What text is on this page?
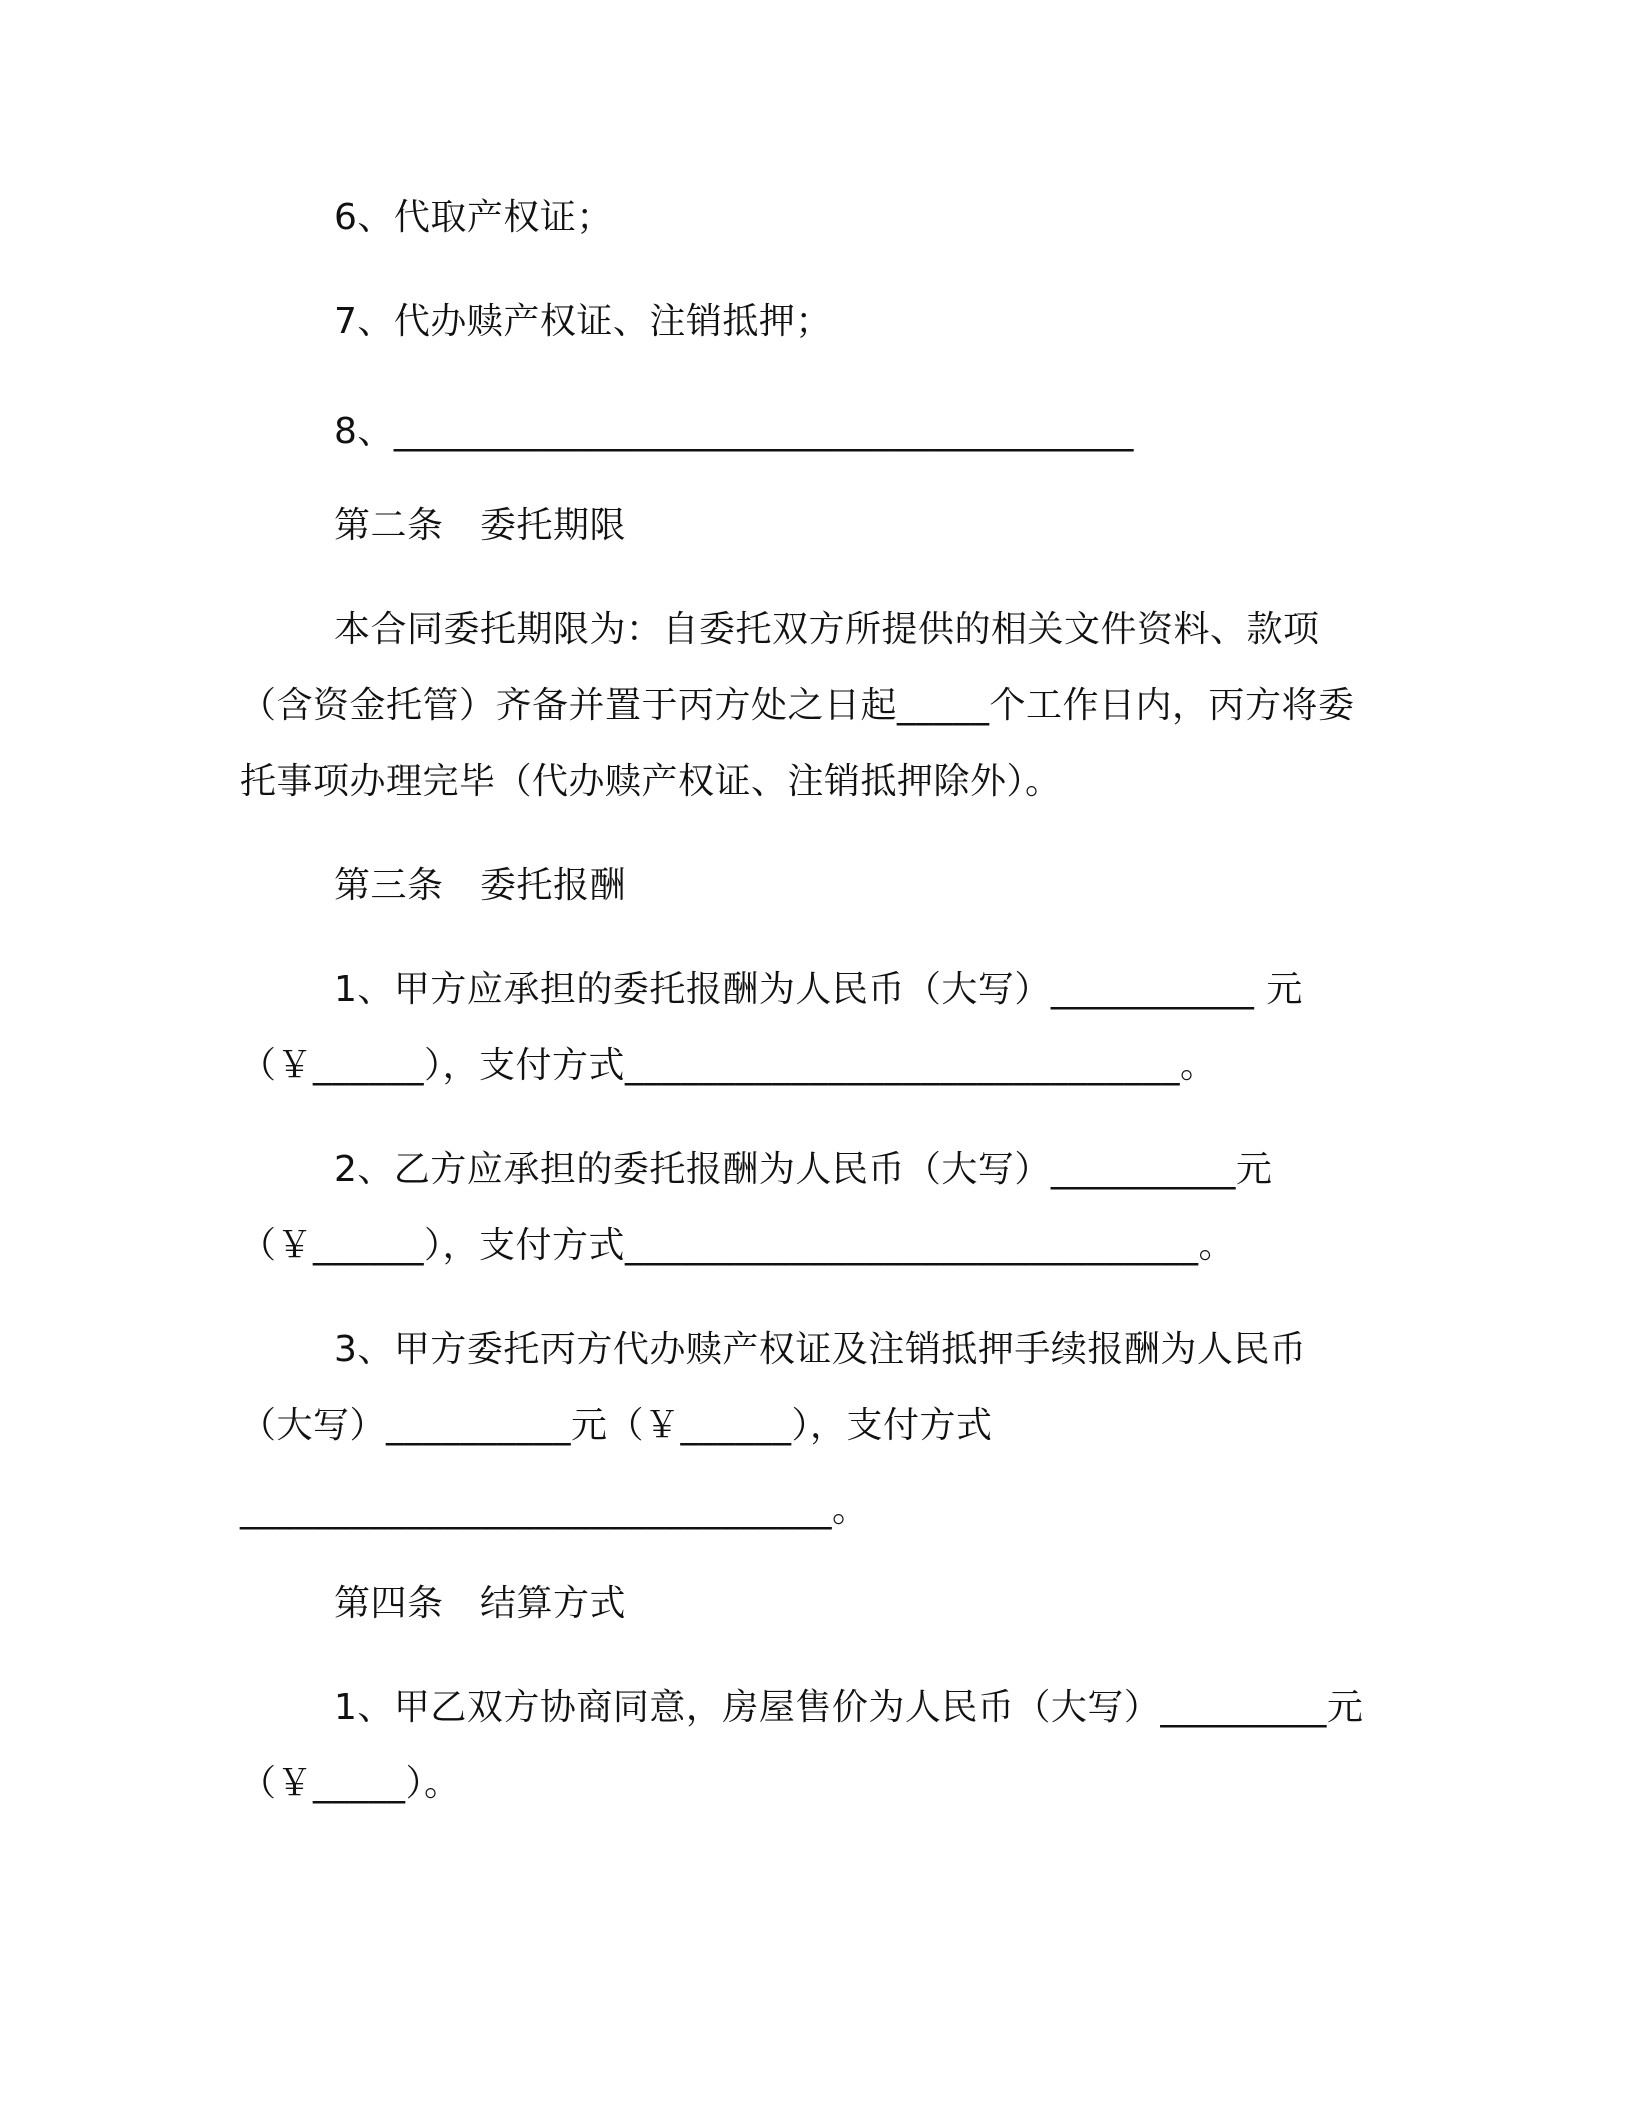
6、代取产权证；
7、代办赎产权证、注销抵押；
8、________________________________________
第二条　委托期限
本合同委托期限为：自委托双方所提供的相关文件资料、款项
（含资金托管）齐备并置于丙方处之日起_____个工作日内，丙方将委
托事项办理完毕（代办赎产权证、注销抵押除外）。
第三条　委托报酬
1、甲方应承担的委托报酬为人民币（大写）___________ 元
（￥______），支付方式______________________________。
2、乙方应承担的委托报酬为人民币（大写）__________元
（￥______），支付方式_______________________________。
3、甲方委托丙方代办赎产权证及注销抵押手续报酬为人民币
（大写）__________元（￥______），支付方式
________________________________。
第四条　结算方式
1、甲乙双方协商同意，房屋售价为人民币（大写）_________元
（￥_____）。
